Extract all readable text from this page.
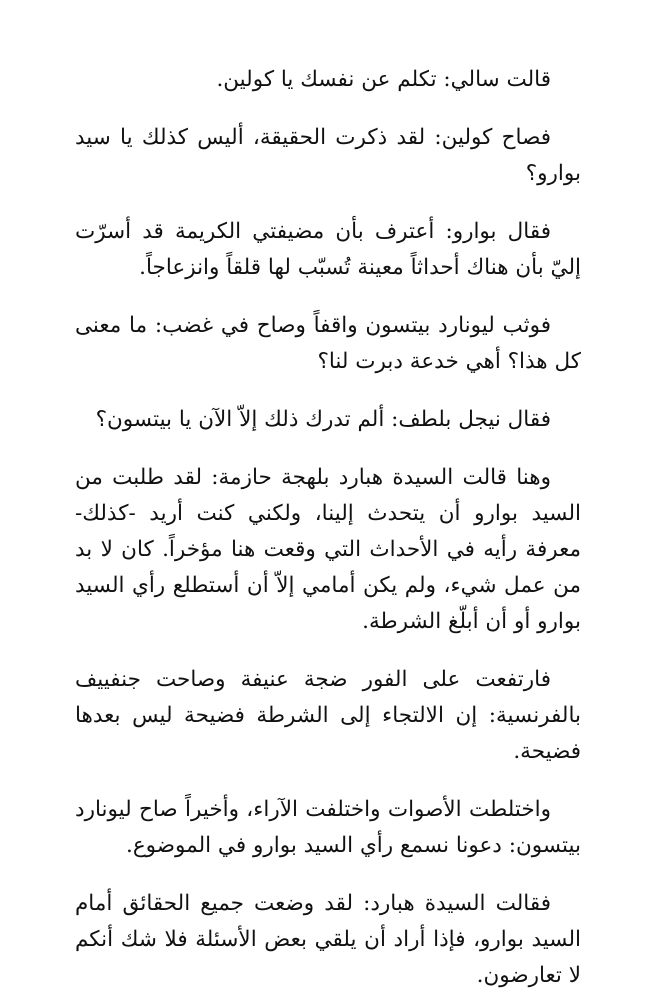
قالت سالي: تكلم عن نفسك يا كولين.

فصاح كولين: لقد ذكرت الحقيقة، أليس كذلك يا سيد بوارو؟

فقال بوارو: أعترف بأن مضيفتي الكريمة قد أسرّت إليّ بأن هناك أحداثاً معينة تُسبّب لها قلقاً وانزعاجاً.

فوثب ليونارد بيتسون واقفاً وصاح في غضب: ما معنى كل هذا؟ أهي خدعة دبرت لنا؟

فقال نيجل بلطف: ألم تدرك ذلك إلاّ الآن يا بيتسون؟

وهنا قالت السيدة هبارد بلهجة حازمة: لقد طلبت من السيد بوارو أن يتحدث إلينا، ولكني كنت أريد -كذلك- معرفة رأيه في الأحداث التي وقعت هنا مؤخراً. كان لا بد من عمل شيء، ولم يكن أمامي إلاّ أن أستطلع رأي السيد بوارو أو أن أبلّغ الشرطة.

فارتفعت على الفور ضجة عنيفة وصاحت جنفييف بالفرنسية: إن الالتجاء إلى الشرطة فضيحة ليس بعدها فضيحة.

واختلطت الأصوات واختلفت الآراء، وأخيراً صاح ليونارد بيتسون: دعونا نسمع رأي السيد بوارو في الموضوع.

فقالت السيدة هبارد: لقد وضعت جميع الحقائق أمام السيد بوارو، فإذا أراد أن يلقي بعض الأسئلة فلا شك أنكم لا تعارضون.
